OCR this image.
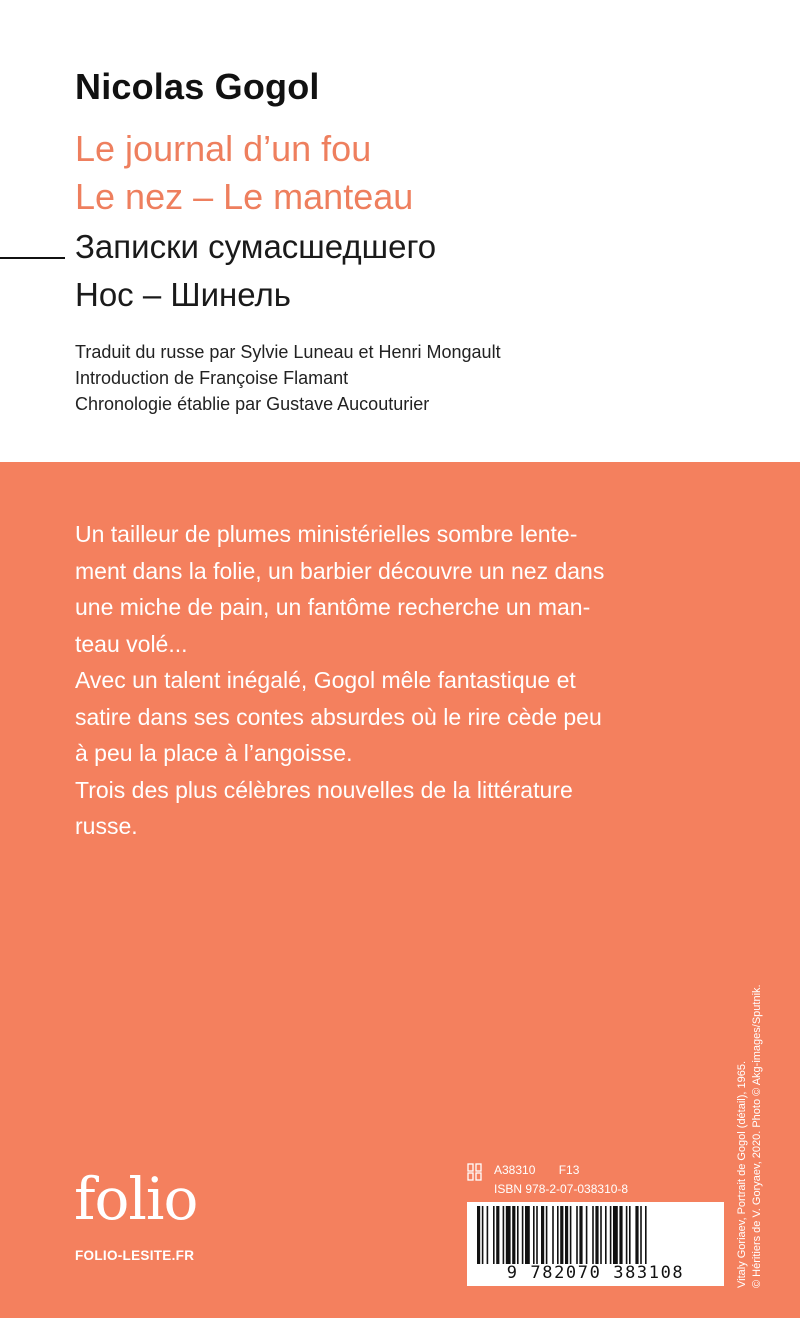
Nicolas Gogol
Le journal d’un fou
Le nez – Le manteau
Записки сумасшедшего
Нос – Шинель
Traduit du russe par Sylvie Luneau et Henri Mongault
Introduction de Françoise Flamant
Chronologie établie par Gustave Aucouturier

Un tailleur de plumes ministérielles sombre lente-

ment dans la folie, un barbier découvre un nez dans

une miche de pain, un fantôme recherche un man-

teau volé...

Avec un talent inégalé, Gogol mêle fantastique et

satire dans ses contes absurdes où le rire cède peu

à peu la place à l’angoisse.

Trois des plus célèbres nouvelles de la littérature

russe.

Vitaly Goriaev, Portrait de Gogol (détail), 1965. © Héritiers de V. Goryaev, 2020. Photo © Akg-images/Sputnik.
folio
FOLIO-LESITE.FR
A38310 F13
ISBN 978-2-07-038310-8
9 782070 383108
